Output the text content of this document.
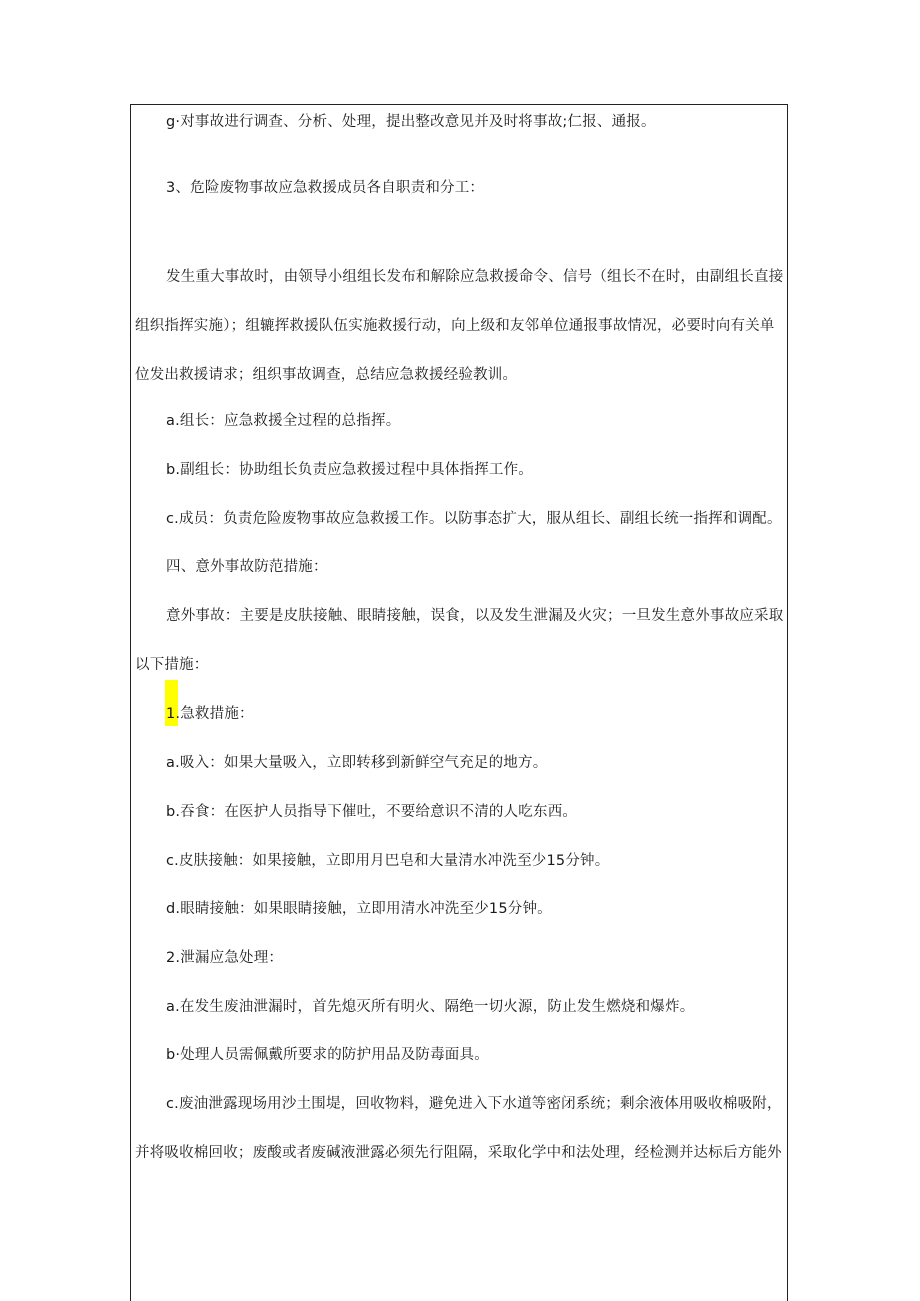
g·对事故进行调查、分析、处理，提出整改意见并及时将事故;仁报、通报。
3、危险废物事故应急救援成员各自职责和分工：
发生重大事故时，由领导小组组长发布和解除应急救援命令、信号（组长不在时，由副组长直接
组织指挥实施）；组辘挥救援队伍实施救援行动，向上级和友邻单位通报事故情况，必要时向有关单
位发出救援请求；组织事故调查，总结应急救援经验教训。
a.组长：应急救援全过程的总指挥。
b.副组长：协助组长负责应急救援过程中具体指挥工作。
c.成员：负责危险废物事故应急救援工作。以防事态扩大，服从组长、副组长统一指挥和调配。
四、意外事故防范措施：
意外事故：主要是皮肤接触、眼睛接触，误食，以及发生泄漏及火灾；一旦发生意外事故应采取
以下措施：
1.急救措施：
a.吸入：如果大量吸入，立即转移到新鲜空气充足的地方。
b.吞食：在医护人员指导下催吐，不要给意识不清的人吃东西。
c.皮肤接触：如果接触，立即用月巴皂和大量清水冲洗至少15分钟。
d.眼睛接触：如果眼睛接触，立即用清水冲洗至少15分钟。
2.泄漏应急处理：
a.在发生废油泄漏时，首先熄灭所有明火、隔绝一切火源，防止发生燃烧和爆炸。
b·处理人员需佩戴所要求的防护用品及防毒面具。
c.废油泄露现场用沙土围堤，回收物料，避免进入下水道等密闭系统；剩余液体用吸收棉吸附，
并将吸收棉回收；废酸或者废碱液泄露必须先行阻隔，采取化学中和法处理，经检测并达标后方能外
